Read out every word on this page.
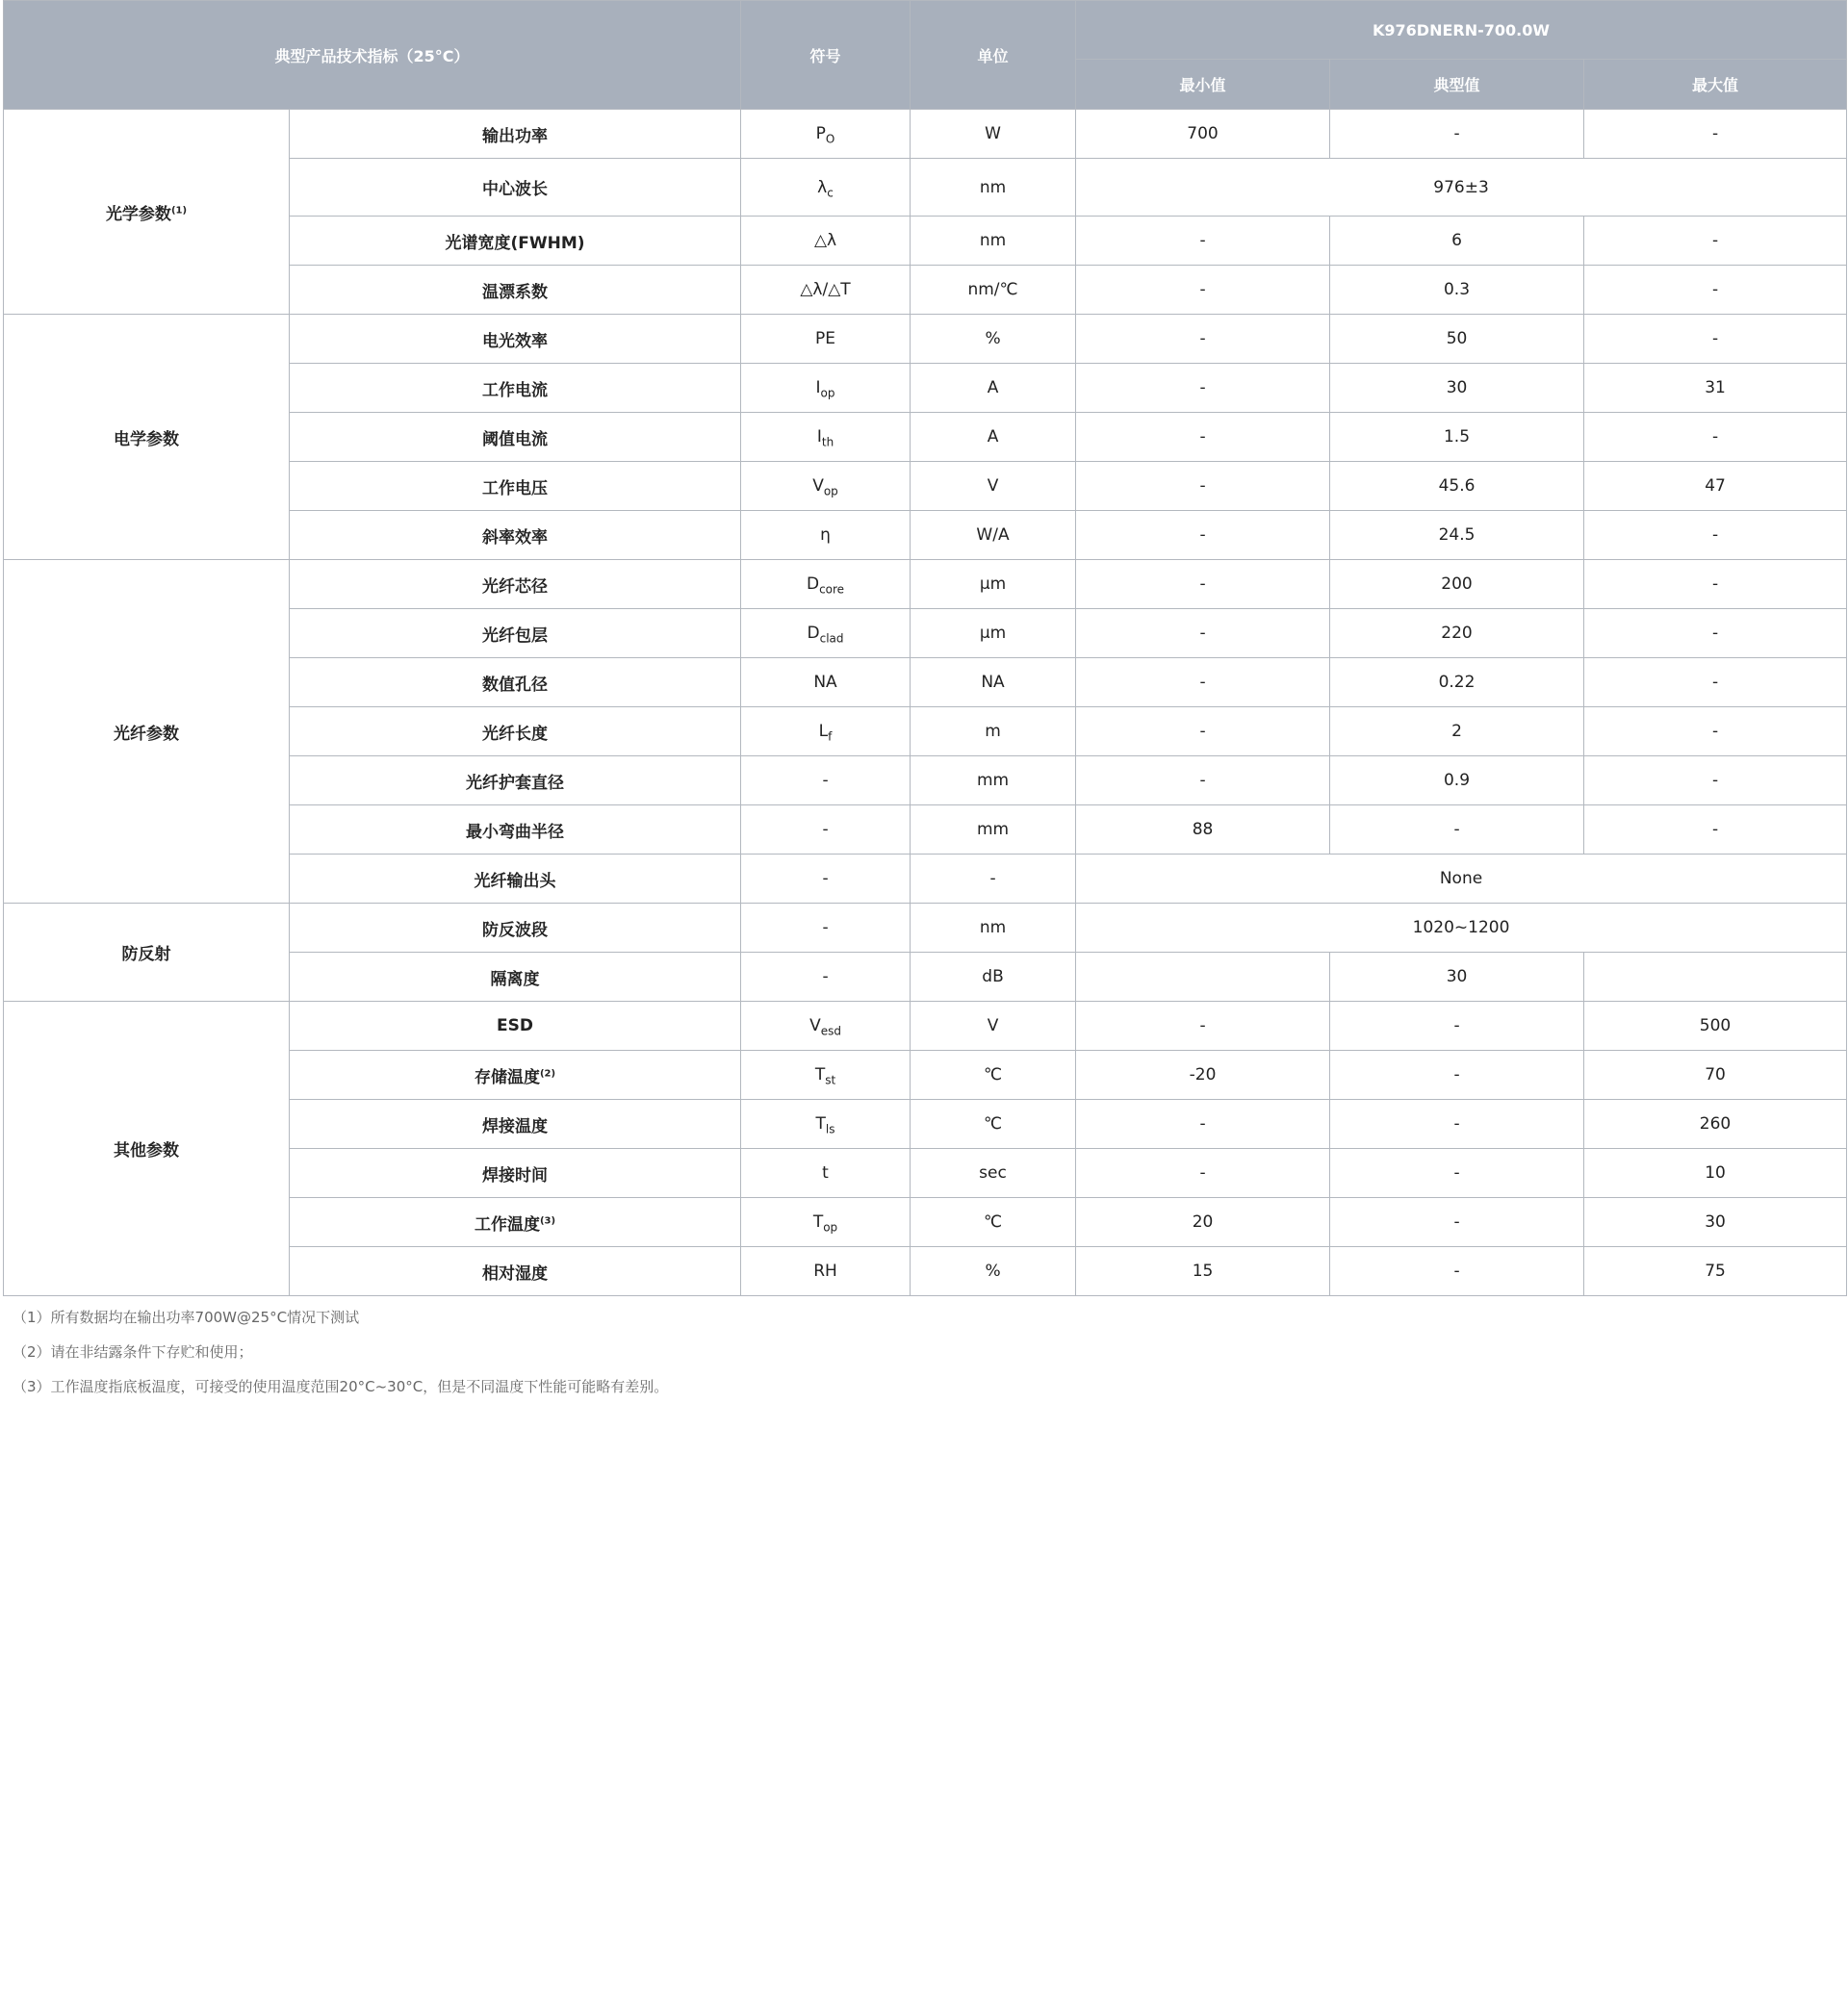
典型产品技术指标（25°C）		符号	单位	K976DNERN-700.0W		
				最小值	典型值	最大值
光学参数$^{(1)}$	输出功率	$P_O$	W	700	-	-
	中心波长	$\lambda_c$	nm	976±3		
	光谱宽度(FWHM)	△λ	nm	-	6	-
	温漂系数	△λ/△T	nm/℃	-	0.3	-
电学参数	电光效率	PE	%	-	50	-
	工作电流	$I_{op}$	A	-	30	31
	阈值电流	$I_{th}$	A	-	1.5	-
	工作电压	$V_{op}$	V	-	45.6	47
	斜率效率	η	W/A	-	24.5	-
光纤参数	光纤芯径	$D_{core}$	μm	-	200	-
	光纤包层	$D_{clad}$	μm	-	220	-
	数值孔径	NA	NA	-	0.22	-
	光纤长度	$L_f$	m	-	2	-
	光纤护套直径	-	mm	-	0.9	-
	最小弯曲半径	-	mm	88	-	-
	光纤输出头	-	-	None		
防反射	防反波段	-	nm	1020~1200		
	隔离度	-	dB		30	
其他参数	ESD	$V_{esd}$	V	-	-	500
	存储温度$^{(2)}$	$T_{st}$	℃	-20	-	70
	焊接温度	$T_{ls}$	℃	-	-	260
	焊接时间	t	sec	-	-	10
	工作温度$^{(3)}$	$T_{op}$	℃	20	-	30
	相对湿度	RH	%	15	-	75
（1）所有数据均在输出功率700W@25°C情况下测试
（2）请在非结露条件下存贮和使用；
（3）工作温度指底板温度，可接受的使用温度范围20°C~30°C，但是不同温度下性能可能略有差别。
